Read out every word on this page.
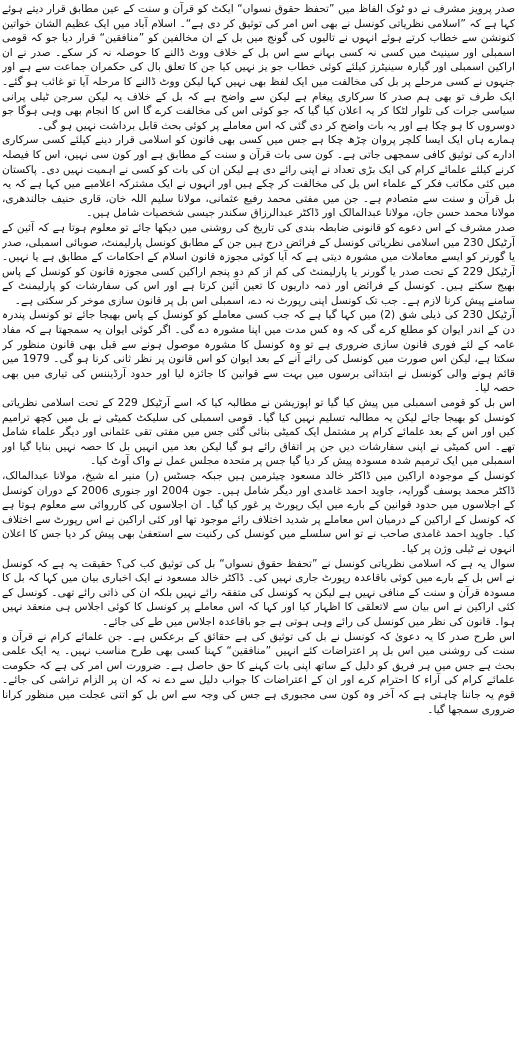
صدر پرویز مشرف نے دو ٹوک الفاظ میں ”تحفظ حقوق نسواں“ ایکٹ کو قرآن و سنت کے عین مطابق قرار دیتے ہوئے کہا ہے کہ ”اسلامی نظریاتی کونسل نے بھی اس امر کی توثیق کر دی ہے“۔ اسلام آباد میں ایک عظیم الشان خواتین کنونشن سے خطاب کرتے ہوئے انہوں نے تالیوں کی گونج میں بل کے ان مخالفین کو ”منافقین“ قرار دیا جو کہ قومی اسمبلی اور سینیٹ میں کسی نہ کسی بہانے سے اس بل کے خلاف ووٹ ڈالنے کا حوصلہ نہ کر سکے۔ صدر نے ان اراکین اسمبلی اور گیارہ سینیٹرز کیلئے کوئی خطاب جو یز نہیں کیا جن کا تعلق بال کی حکمران جماعت سے ہے اور جنہوں نے کسی مرحلے پر بل کی مخالفت میں ایک لفظ بھی نہیں کہا لیکن ووٹ ڈالنے کا مرحلہ آیا تو غائب ہو گئے۔ ایک طرف تو بھی ہم صدر کا سرکاری پیغام ہے لیکن سے واضح ہے کہ بل کے خلاف یہ لیکن سرجن ٹیلی پرانی سیاسی جرات کی تلوار لٹکا کر یہ اعلان کیا گیا کہ جو کوئی اس کی مخالفت کرے گا اس کا انجام بھی وہی ہوگا جو دوسروں کا ہو چکا ہے اور یہ بات واضح کر دی گئی کہ اس معاملے پر کوئی بحث قابل برداشت نہیں ہو گی۔

ہمارے ہاں ایک ایسا کلچر پروان چڑھ چکا ہے جس میں کسی بھی قانون کو اسلامی قرار دینے کیلئے کسی سرکاری ادارے کی توثیق کافی سمجھی جاتی ہے۔ کون سی بات قرآن و سنت کے مطابق ہے اور کون سی نہیں، اس کا فیصلہ کرنے کیلئے علمائے کرام کی ایک بڑی تعداد نے اپنی رائے دی ہے لیکن ان کی بات کو کسی نے اہمیت نہیں دی۔ پاکستان میں کئی مکاتب فکر کے علماء اس بل کی مخالفت کر چکے ہیں اور انہوں نے ایک مشترکہ اعلامیے میں کہا ہے کہ یہ بل قرآن و سنت سے متصادم ہے۔ جن میں مفتی محمد رفیع عثمانی، مولانا سلیم اللہ خان، قاری حنیف جالندھری، مولانا محمد حسن جان، مولانا عبدالمالک اور ڈاکٹر عبدالرزاق سکندر جیسی شخصیات شامل ہیں۔

صدر مشرف کے اس دعوے کو قانونی ضابطہ بندی کی تاریخ کی روشنی میں دیکھا جائے تو معلوم ہوتا ہے کہ آئین کے آرٹیکل 230 میں اسلامی نظریاتی کونسل کے فرائض درج ہیں جن کے مطابق کونسل پارلیمنٹ، صوبائی اسمبلی، صدر یا گورنر کو ایسے معاملات میں مشورہ دیتی ہے کہ آیا کوئی مجوزہ قانون اسلام کے احکامات کے مطابق ہے یا نہیں۔ آرٹیکل 229 کے تحت صدر یا گورنر یا پارلیمنٹ کی کم از کم دو پنجم اراکین کسی مجوزہ قانون کو کونسل کے پاس بھیج سکتے ہیں۔ کونسل کے فرائض اور ذمہ داریوں کا تعین آئین کرتا ہے اور اس کی سفارشات کو پارلیمنٹ کے سامنے پیش کرنا لازم ہے۔ جب تک کونسل اپنی رپورٹ نہ دے، اسمبلی اس بل پر قانون سازی موخر کر سکتی ہے۔

آرٹیکل 230 کی ذیلی شق (2) میں کہا گیا ہے کہ جب کسی معاملے کو کونسل کے پاس بھیجا جائے تو کونسل پندرہ دن کے اندر ایوان کو مطلع کرے گی کہ وہ کس مدت میں اپنا مشورہ دے گی۔ اگر کوئی ایوان یہ سمجھتا ہے کہ مفاد عامہ کے لئے فوری قانون سازی ضروری ہے تو وہ کونسل کا مشورہ موصول ہونے سے قبل بھی قانون منظور کر سکتا ہے، لیکن اس صورت میں کونسل کی رائے آنے کے بعد ایوان کو اس قانون پر نظر ثانی کرنا ہو گی۔ 1979 میں قائم ہونے والی کونسل نے ابتدائی برسوں میں بہت سے قوانین کا جائزہ لیا اور حدود آرڈیننس کی تیاری میں بھی حصہ لیا۔

اس بل کو قومی اسمبلی میں پیش کیا گیا تو اپوزیشن نے مطالبہ کیا کہ اسے آرٹیکل 229 کے تحت اسلامی نظریاتی کونسل کو بھیجا جائے لیکن یہ مطالبہ تسلیم نہیں کیا گیا۔ قومی اسمبلی کی سلیکٹ کمیٹی نے بل میں کچھ ترامیم کیں اور اس کے بعد علمائے کرام پر مشتمل ایک کمیٹی بنائی گئی جس میں مفتی تقی عثمانی اور دیگر علماء شامل تھے۔ اس کمیٹی نے اپنی سفارشات دیں جن پر اتفاق رائے ہو گیا لیکن بعد میں انہیں بل کا حصہ نہیں بنایا گیا اور اسمبلی میں ایک ترمیم شدہ مسودہ پیش کر دیا گیا جس پر متحدہ مجلس عمل نے واک آوٹ کیا۔

کونسل کے موجودہ اراکین میں ڈاکٹر خالد مسعود چیئرمین ہیں جبکہ جسٹس (ر) منیر اے شیخ، مولانا عبدالمالک، ڈاکٹر محمد یوسف گورایہ، جاوید احمد غامدی اور دیگر شامل ہیں۔ جون 2004 اور جنوری 2006 کے دوران کونسل کے اجلاسوں میں حدود قوانین کے بارے میں ایک رپورٹ پر غور کیا گیا۔ ان اجلاسوں کی کارروائی سے معلوم ہوتا ہے کہ کونسل کے اراکین کے درمیان اس معاملے پر شدید اختلاف رائے موجود تھا اور کئی اراکین نے اس رپورٹ سے اختلاف کیا۔ جاوید احمد غامدی صاحب نے تو اس سلسلے میں کونسل کی رکنیت سے استعفیٰ بھی پیش کر دیا جس کا اعلان انہوں نے ٹیلی وژن پر کیا۔

سوال یہ ہے کہ اسلامی نظریاتی کونسل نے ”تحفظ حقوق نسواں“ بل کی توثیق کب کی؟ حقیقت یہ ہے کہ کونسل نے اس بل کے بارے میں کوئی باقاعدہ رپورٹ جاری نہیں کی۔ ڈاکٹر خالد مسعود نے ایک اخباری بیان میں کہا کہ بل کا مسودہ قرآن و سنت کے منافی نہیں ہے لیکن یہ کونسل کی متفقہ رائے نہیں بلکہ ان کی ذاتی رائے تھی۔ کونسل کے کئی اراکین نے اس بیان سے لاتعلقی کا اظہار کیا اور کہا کہ اس معاملے پر کونسل کا کوئی اجلاس ہی منعقد نہیں ہوا۔ قانون کی نظر میں کونسل کی رائے وہی ہوتی ہے جو باقاعدہ اجلاس میں طے کی جائے۔

اس طرح صدر کا یہ دعویٰ کہ کونسل نے بل کی توثیق کی ہے حقائق کے برعکس ہے۔ جن علمائے کرام نے قرآن و سنت کی روشنی میں اس بل پر اعتراضات کئے انہیں ”منافقین“ کہنا کسی بھی طرح مناسب نہیں۔ یہ ایک علمی بحث ہے جس میں ہر فریق کو دلیل کے ساتھ اپنی بات کہنے کا حق حاصل ہے۔ ضرورت اس امر کی ہے کہ حکومت علمائے کرام کی آراء کا احترام کرے اور ان کے اعتراضات کا جواب دلیل سے دے نہ کہ ان پر الزام تراشی کی جائے۔ قوم یہ جاننا چاہتی ہے کہ آخر وہ کون سی مجبوری ہے جس کی وجہ سے اس بل کو اتنی عجلت میں منظور کرانا ضروری سمجھا گیا۔
